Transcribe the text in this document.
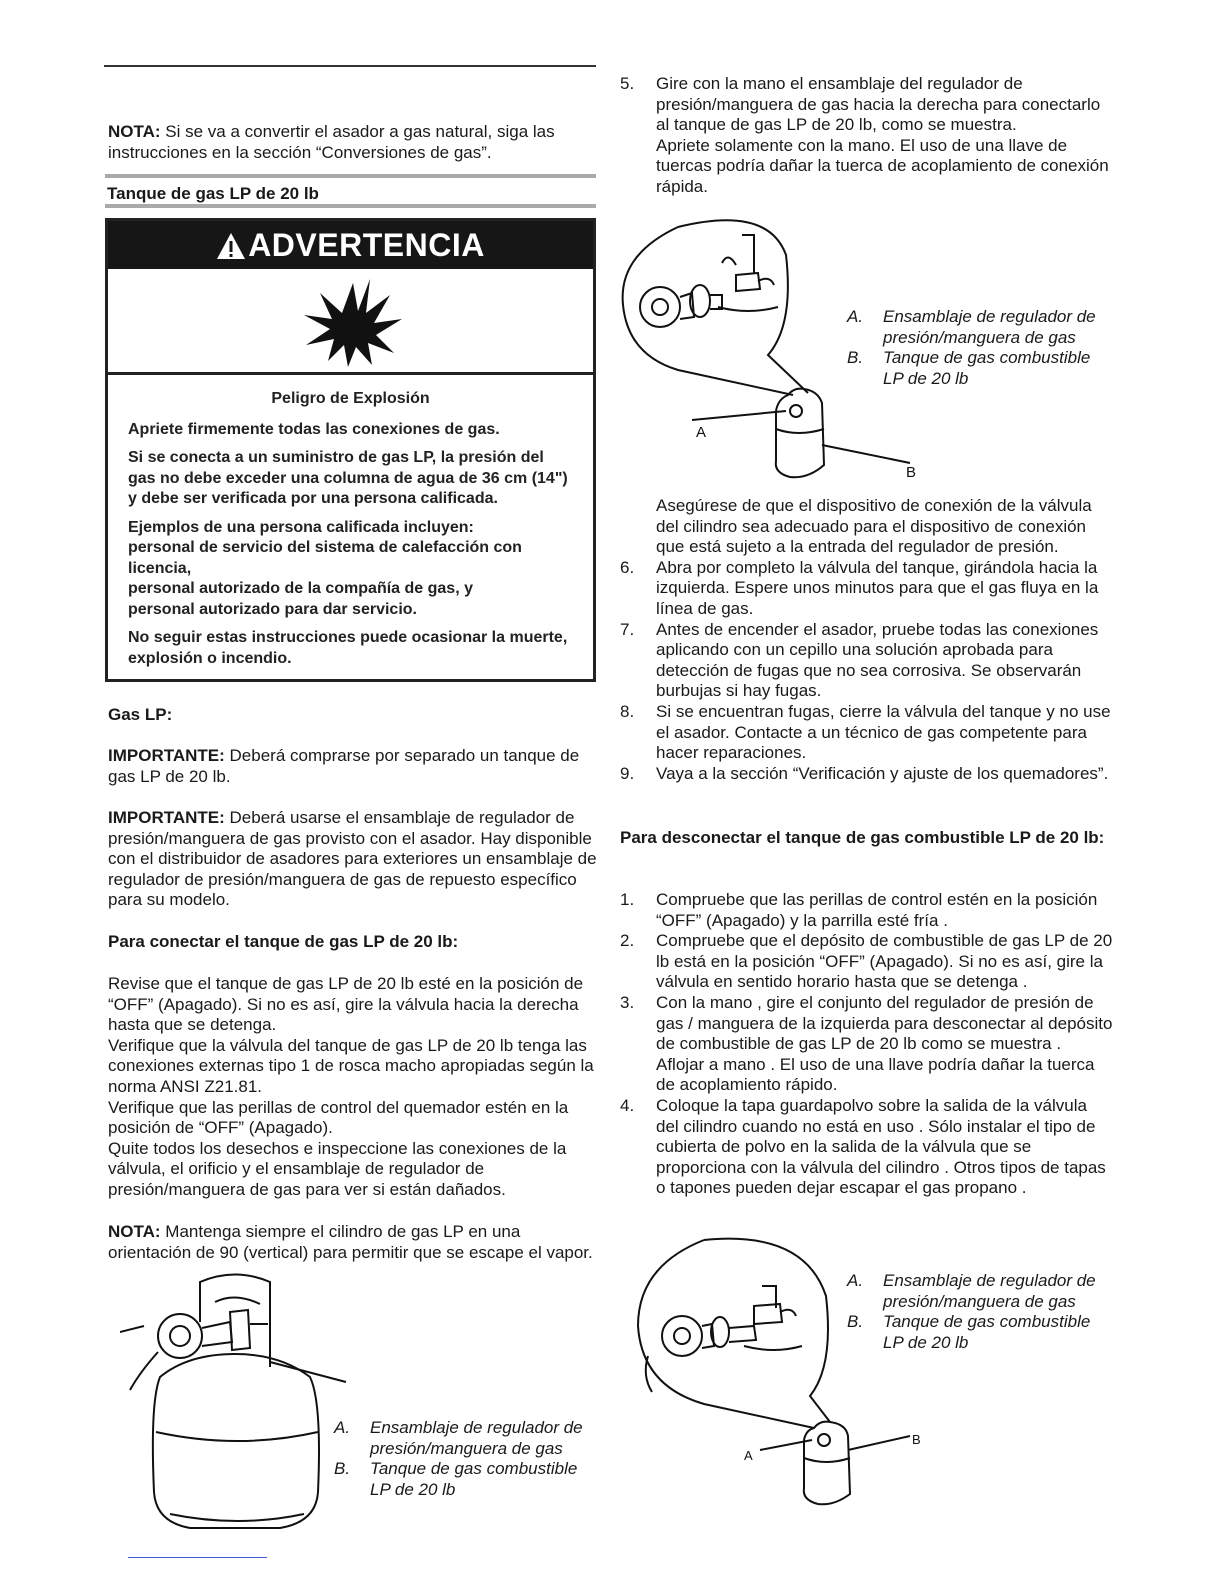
NOTA: Si se va a convertir el asador a gas natural, siga las instrucciones en la sección “Conversiones de gas”.

Tanque de gas LP de 20 lb
ADVERTENCIA

Peligro de Explosión

Apriete firmemente todas las conexiones de gas.

Si se conecta a un suministro de gas LP, la presión del gas no debe exceder una columna de agua de 36 cm (14") y debe ser verificada por una persona calificada.

Ejemplos de una persona calificada incluyen:
personal de servicio del sistema de calefacción con licencia,
personal autorizado de la compañía de gas, y
personal autorizado para dar servicio.

No seguir estas instrucciones puede ocasionar la muerte, explosión o incendio.

Gas LP:

IMPORTANTE: Deberá comprarse por separado un tanque de gas LP de 20 lb.

IMPORTANTE: Deberá usarse el ensamblaje de regulador de presión/manguera de gas provisto con el asador. Hay disponible con el distribuidor de asadores para exteriores un ensamblaje de regulador de presión/manguera de gas de repuesto específico para su modelo.

Para conectar el tanque de gas LP de 20 lb:

Revise que el tanque de gas LP de 20 lb esté en la posición de “OFF” (Apagado). Si no es así, gire la válvula hacia la derecha hasta que se detenga.

Verifique que la válvula del tanque de gas LP de 20 lb tenga las conexiones externas tipo 1 de rosca macho apropiadas según la norma ANSI Z21.81.

Verifique que las perillas de control del quemador estén en la posición de “OFF” (Apagado).

Quite todos los desechos e inspeccione las conexiones de la válvula, el orificio y el ensamblaje de regulador de presión/manguera de gas para ver si están dañados.

NOTA: Mantenga siempre el cilindro de gas LP en una orientación de 90 (vertical) para permitir que se escape el vapor.

A. Ensamblaje de regulador de presión/manguera de gas
B. Tanque de gas combustible LP de 20 lb
5. Gire con la mano el ensamblaje del regulador de presión/manguera de gas hacia la derecha para conectarlo al tanque de gas LP de 20 lb, como se muestra.

Apriete solamente con la mano. El uso de una llave de tuercas podría dañar la tuerca de acoplamiento de conexión rápida.

A
B
A. Ensamblaje de regulador de presión/manguera de gas
B. Tanque de gas combustible LP de 20 lb

Asegúrese de que el dispositivo de conexión de la válvula del cilindro sea adecuado para el dispositivo de conexión que está sujeto a la entrada del regulador de presión.

6. Abra por completo la válvula del tanque, girándola hacia la izquierda. Espere unos minutos para que el gas fluya en la línea de gas.

7. Antes de encender el asador, pruebe todas las conexiones aplicando con un cepillo una solución aprobada para detección de fugas que no sea corrosiva. Se observarán burbujas si hay fugas.

8. Si se encuentran fugas, cierre la válvula del tanque y no use el asador. Contacte a un técnico de gas competente para hacer reparaciones.

9. Vaya a la sección “Verificación y ajuste de los quemadores”.

Para desconectar el tanque de gas combustible LP de 20 lb:

1. Compruebe que las perillas de control estén en la posición “OFF” (Apagado) y la parrilla esté fría .

2. Compruebe que el depósito de combustible de gas LP de 20 lb está en la posición “OFF” (Apagado). Si no es así, gire la válvula en sentido horario hasta que se detenga .

3. Con la mano , gire el conjunto del regulador de presión de gas / manguera de la izquierda para desconectar al depósito de combustible de gas LP de 20 lb como se muestra .

Aflojar a mano . El uso de una llave podría dañar la tuerca de acoplamiento rápido.

4. Coloque la tapa guardapolvo sobre la salida de la válvula del cilindro cuando no está en uso . Sólo instalar el tipo de cubierta de polvo en la salida de la válvula que se proporciona con la válvula del cilindro . Otros tipos de tapas o tapones pueden dejar escapar el gas propano .

A
B
A. Ensamblaje de regulador de presión/manguera de gas
B. Tanque de gas combustible LP de 20 lb
